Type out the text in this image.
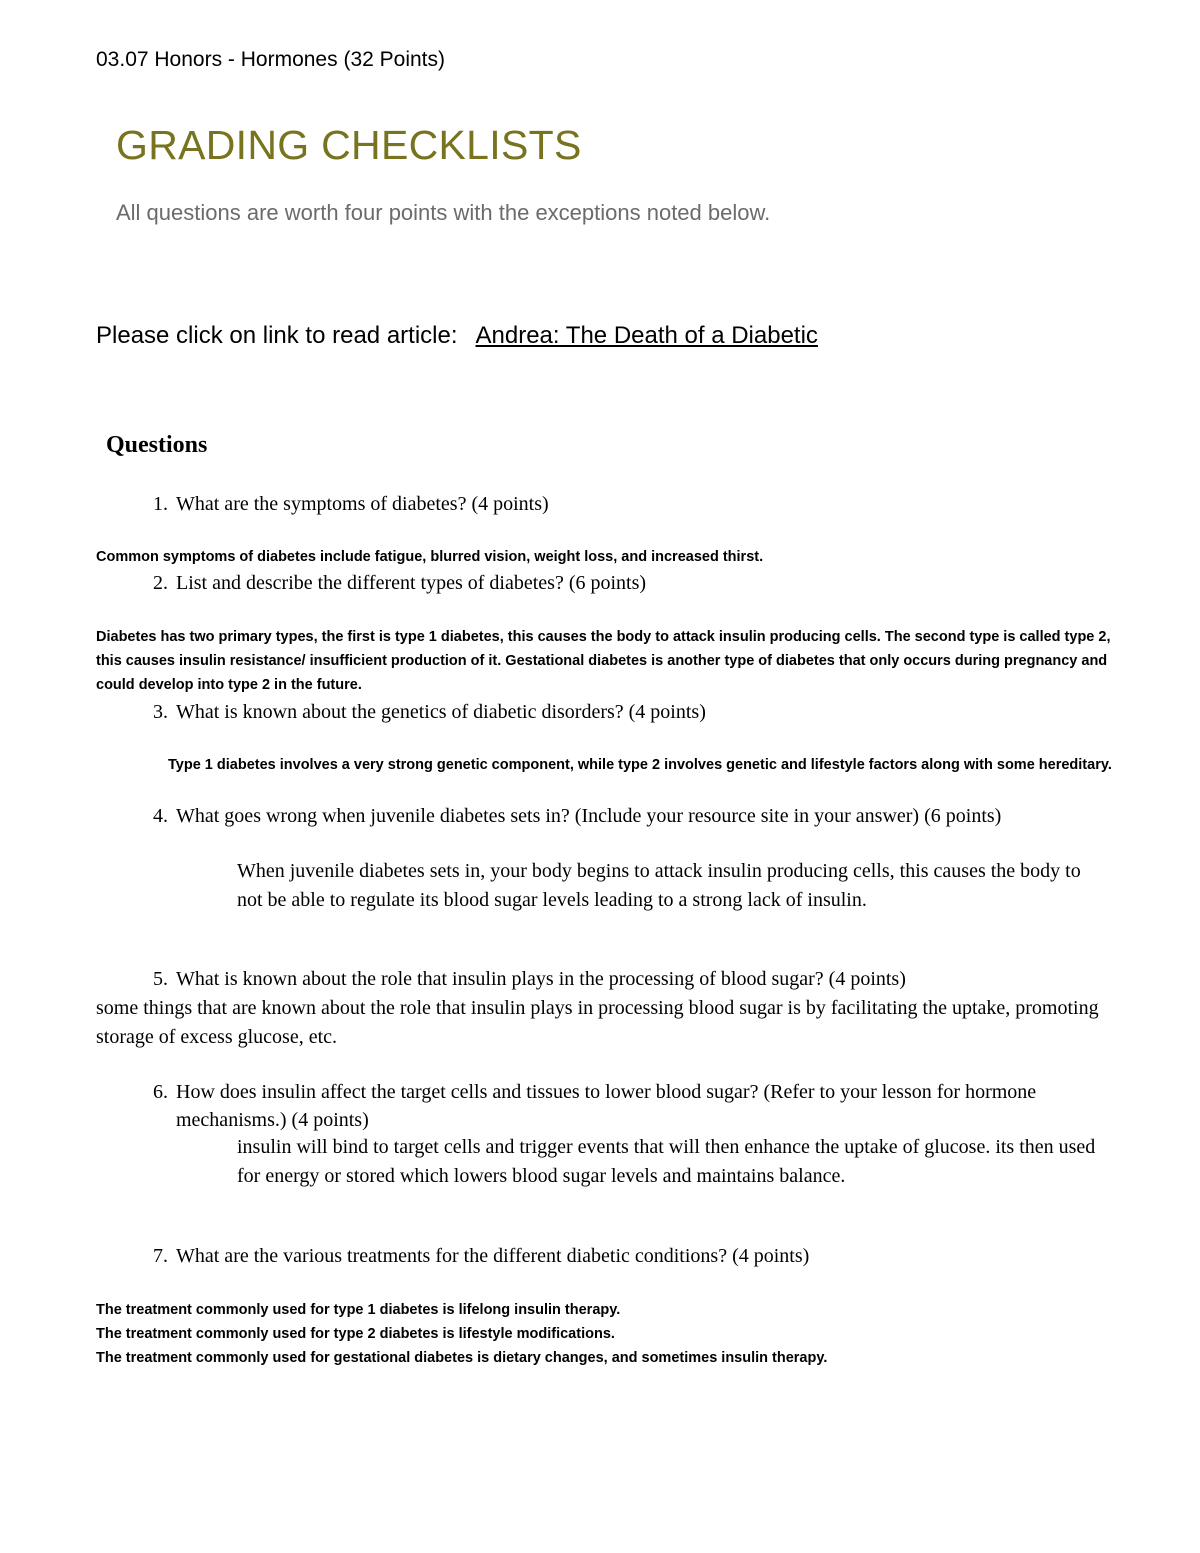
03.07 Honors - Hormones (32 Points)
GRADING CHECKLISTS
All questions are worth four points with the exceptions noted below.
Please click on link to read article: Andrea: The Death of a Diabetic
Questions
1. What are the symptoms of diabetes? (4 points)
Common symptoms of diabetes include fatigue, blurred vision, weight loss, and increased thirst.
2. List and describe the different types of diabetes? (6 points)
Diabetes has two primary types, the first is type 1 diabetes, this causes the body to attack insulin producing cells. The second type is called type 2, this causes insulin resistance/ insufficient production of it. Gestational diabetes is another type of diabetes that only occurs during pregnancy and could develop into type 2 in the future.
3. What is known about the genetics of diabetic disorders? (4 points)
Type 1 diabetes involves a very strong genetic component, while type 2 involves genetic and lifestyle factors along with some hereditary.
4. What goes wrong when juvenile diabetes sets in? (Include your resource site in your answer) (6 points)
When juvenile diabetes sets in, your body begins to attack insulin producing cells, this causes the body to not be able to regulate its blood sugar levels leading to a strong lack of insulin.
5. What is known about the role that insulin plays in the processing of blood sugar? (4 points)
some things that are known about the role that insulin plays in processing blood sugar is by facilitating the uptake, promoting storage of excess glucose, etc.
6. How does insulin affect the target cells and tissues to lower blood sugar? (Refer to your lesson for hormone mechanisms.) (4 points)
insulin will bind to target cells and trigger events that will then enhance the uptake of glucose. its then used for energy or stored which lowers blood sugar levels and maintains balance.
7. What are the various treatments for the different diabetic conditions? (4 points)
The treatment commonly used for type 1 diabetes is lifelong insulin therapy.
The treatment commonly used for type 2 diabetes is lifestyle modifications.
The treatment commonly used for gestational diabetes is dietary changes, and sometimes insulin therapy.
